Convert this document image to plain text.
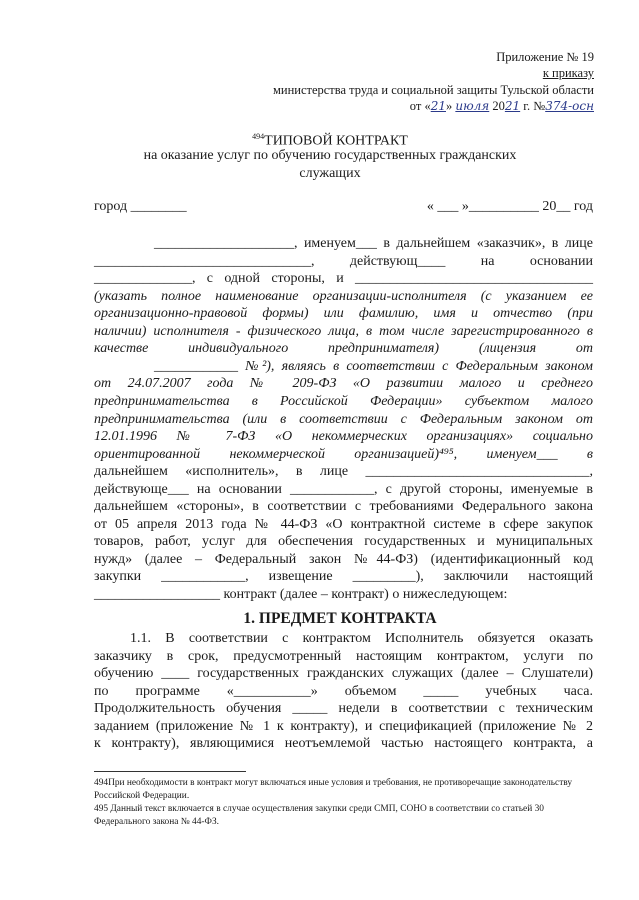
Приложение № 19
к приказу
министерства труда и социальной защиты Тульской области
от «21» июля 2021 г. №374-осн
$^{494}$ТИПОВОЙ КОНТРАКТ
на оказание услуг по обучению государственных гражданских
служащих
город ________	« ___ »__________ 20__ год
____________________, именуем___ в дальнейшем «заказчик», в лице
_______________________________, действующ____ на основании
______________, с одной стороны, и __________________________________
(указать полное наименование организации-исполнителя (с указанием ее
организационно-правовой формы) или фамилию, имя и отчество (при
наличии) исполнителя - физического лица, в том числе зарегистрированного в
качестве индивидуального предпринимателя) (лицензия от
____________ №²), являясь в соответствии с Федеральным законом
от 24.07.2007 года № 209-ФЗ «О развитии малого и среднего
предпринимательства в Российской Федерации» субъектом малого
предпринимательства (или в соответствии с Федеральным законом от
12.01.1996 № 7-ФЗ «О некоммерческих организациях» социально
ориентированной некоммерческой организацией)⁴⁹⁵, именуем___ в
дальнейшем «исполнитель», в лице ________________________________,
действующе___ на основании ____________, с другой стороны, именуемые в
дальнейшем «стороны», в соответствии с требованиями Федерального закона
от 05 апреля 2013 года № 44-ФЗ «О контрактной системе в сфере закупок
товаров, работ, услуг для обеспечения государственных и муниципальных
нужд» (далее – Федеральный закон №44-ФЗ) (идентификационный код
закупки ____________, извещение _________), заключили настоящий
__________________ контракт (далее – контракт) о нижеследующем:
1. ПРЕДМЕТ КОНТРАКТА
1.1. В соответствии с контрактом Исполнитель обязуется оказать
заказчику в срок, предусмотренный настоящим контрактом, услуги по
обучению ____ государственных гражданских служащих (далее – Слушатели)
по программе «___________» объемом _____ учебных часа.
Продолжительность обучения _____ недели в соответствии с техническим
заданием (приложение № 1 к контракту), и спецификацией (приложение № 2
к контракту), являющимися неотъемлемой частью настоящего контракта, а
494При необходимости в контракт могут включаться иные условия и требования, не противоречащие законодательству Российской Федерации.
495 Данный текст включается в случае осуществления закупки среди СМП, СОНО в соответствии со статьей 30 Федерального закона № 44-ФЗ.
